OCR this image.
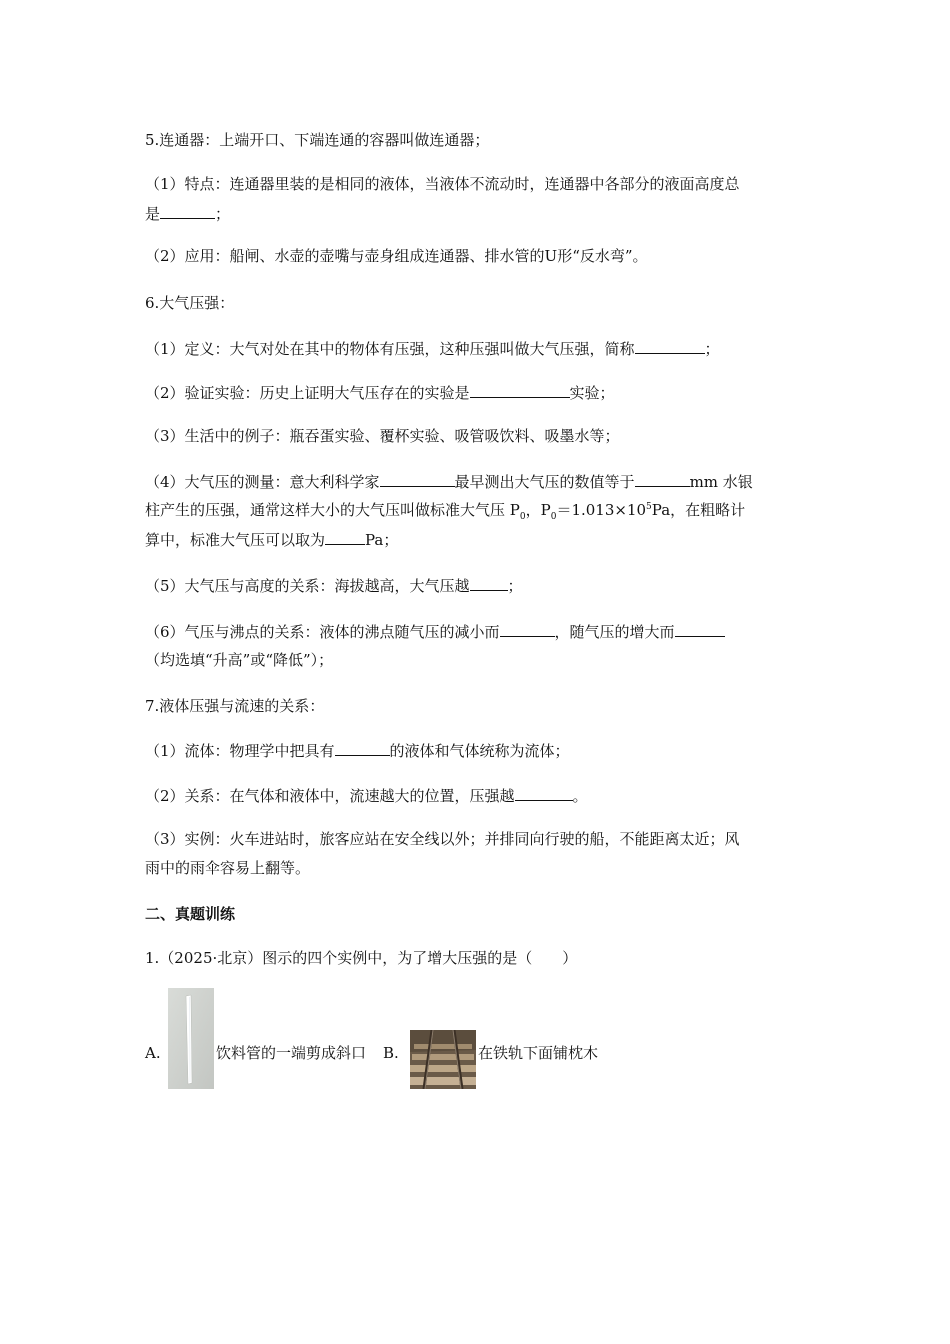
5.连通器：上端开口、下端连通的容器叫做连通器；
（1）特点：连通器里装的是相同的液体，当液体不流动时，连通器中各部分的液面高度总
是	；
（2）应用：船闸、水壶的壶嘴与壶身组成连通器、排水管的U形“反水弯”。
6.大气压强：
（1）定义：大气对处在其中的物体有压强，这种压强叫做大气压强，简称	；
（2）验证实验：历史上证明大气压存在的实验是	实验；
（3）生活中的例子：瓶吞蛋实验、覆杯实验、吸管吸饮料、吸墨水等；
（4）大气压的测量：意大利科学家	最早测出大气压的数值等于	mm 水银
柱产生的压强，通常这样大小的大气压叫做标准大气压 $P_0$，$P_0=1.013\times 10^5Pa$，在粗略计
算中，标准大气压可以取为	Pa；
（5）大气压与高度的关系：海拔越高，大气压越	；
（6）气压与沸点的关系：液体的沸点随气压的减小而	，随气压的增大而
（均选填“升高”或“降低”）；
7.液体压强与流速的关系：
（1）流体：物理学中把具有	的液体和气体统称为流体；
（2）关系：在气体和液体中，流速越大的位置，压强越	。
（3）实例：火车进站时，旅客应站在安全线以外；并排同向行驶的船，不能距离太近；风
雨中的雨伞容易上翻等。
二、真题训练
1.（2025·北京）图示的四个实例中，为了增大压强的是（　　）
A.	饮料管的一端剪成斜口 B.	在铁轨下面铺枕木
